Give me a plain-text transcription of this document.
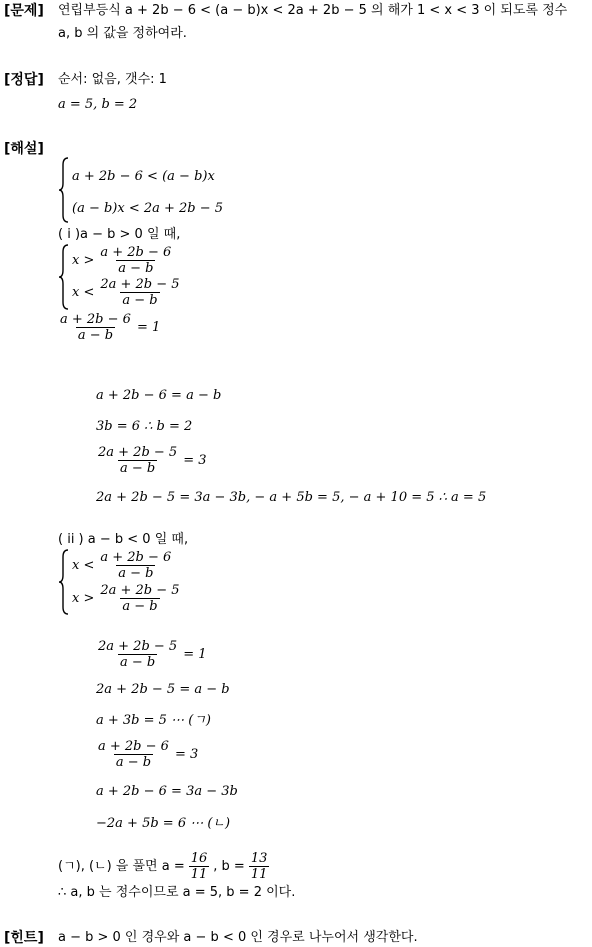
[문제] 연립부등식 a + 2b − 6 < (a − b)x < 2a + 2b − 5 의 해가 1 < x < 3 이 되도록 정수
a, b 의 값을 정하여라.
[정답] 순서: 없음, 갯수: 1
a = 5, b = 2
[해설]
a + 2b − 6 < (a − b)x
(a − b)x < 2a + 2b − 5
( i )a − b > 0 일 때,
$x > \frac{a + 2b - 6}{a - b}$
$x < \frac{2a + 2b - 5}{a - b}$
$\frac{a + 2b - 6}{a - b} = 1$
a + 2b − 6 = a − b
3b = 6 ∴ b = 2
$\frac{2a + 2b - 5}{a - b} = 3$
2a + 2b − 5 = 3a − 3b, − a + 5b = 5, − a + 10 = 5 ∴ a = 5
( ii ) a − b < 0 일 때,
$x < \frac{a + 2b - 6}{a - b}$
$x > \frac{2a + 2b - 5}{a - b}$
$\frac{2a + 2b - 5}{a - b} = 1$
2a + 2b − 5 = a − b
a + 3b = 5 ⋯ (ㄱ)
$\frac{a + 2b - 6}{a - b} = 3$
a + 2b − 6 = 3a − 3b
−2a + 5b = 6 ⋯ (ㄴ)
(ㄱ), (ㄴ) 을 풀면 $a = \frac{16}{11}$ , $b = \frac{13}{11}$
∴ a, b 는 정수이므로 a = 5, b = 2 이다.
[힌트] a − b > 0 인 경우와 a − b < 0 인 경우로 나누어서 생각한다.
